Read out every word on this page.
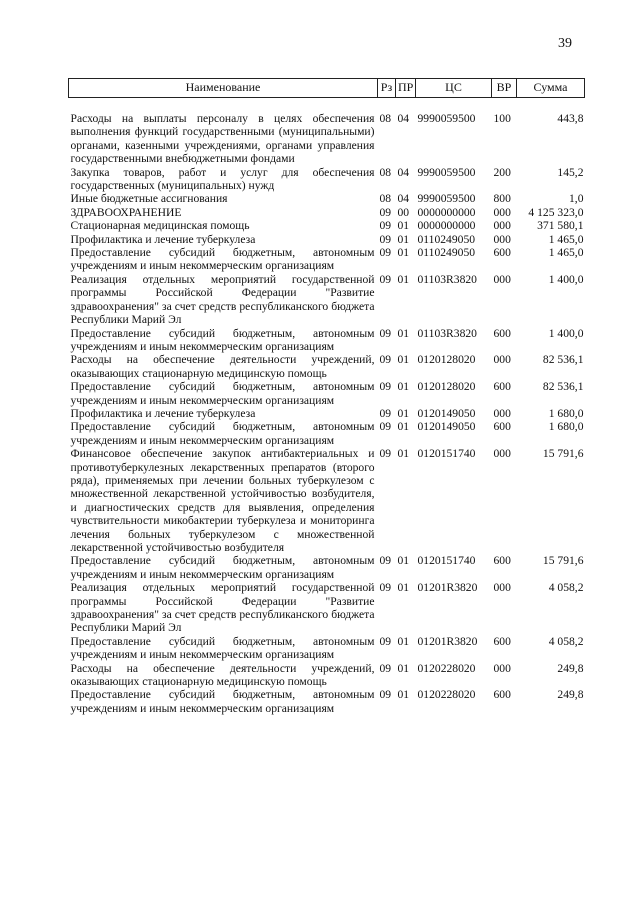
39
Наименование	Рз	ПР	ЦС	ВР	Сумма

Расходы на выплаты персоналу в целях обеспечения выполнения функций государственными (муниципальными) органами, казенными учреждениями, органами управления государственными внебюджетными фондами	08	04	9990059500	100	443,8
Закупка товаров, работ и услуг для обеспечения государственных (муниципальных) нужд	08	04	9990059500	200	145,2
Иные бюджетные ассигнования	08	04	9990059500	800	1,0
ЗДРАВООХРАНЕНИЕ	09	00	0000000000	000	4 125 323,0
Стационарная медицинская помощь	09	01	0000000000	000	371 580,1
Профилактика и лечение туберкулеза	09	01	0110249050	000	1 465,0
Предоставление субсидий бюджетным, автономным учреждениям и иным некоммерческим организациям	09	01	0110249050	600	1 465,0
Реализация отдельных мероприятий государственной программы Российской Федерации "Развитие здравоохранения" за счет средств республиканского бюджета Республики Марий Эл	09	01	01103R3820	000	1 400,0
Предоставление субсидий бюджетным, автономным учреждениям и иным некоммерческим организациям	09	01	01103R3820	600	1 400,0
Расходы на обеспечение деятельности учреждений, оказывающих стационарную медицинскую помощь	09	01	0120128020	000	82 536,1
Предоставление субсидий бюджетным, автономным учреждениям и иным некоммерческим организациям	09	01	0120128020	600	82 536,1
Профилактика и лечение туберкулеза	09	01	0120149050	000	1 680,0
Предоставление субсидий бюджетным, автономным учреждениям и иным некоммерческим организациям	09	01	0120149050	600	1 680,0
Финансовое обеспечение закупок антибактериальных и противотуберкулезных лекарственных препаратов (второго ряда), применяемых при лечении больных туберкулезом с множественной лекарственной устойчивостью возбудителя, и диагностических средств для выявления, определения чувствительности микобактерии туберкулеза и мониторинга лечения больных туберкулезом с множественной лекарственной устойчивостью возбудителя	09	01	0120151740	000	15 791,6
Предоставление субсидий бюджетным, автономным учреждениям и иным некоммерческим организациям	09	01	0120151740	600	15 791,6
Реализация отдельных мероприятий государственной программы Российской Федерации "Развитие здравоохранения" за счет средств республиканского бюджета Республики Марий Эл	09	01	01201R3820	000	4 058,2
Предоставление субсидий бюджетным, автономным учреждениям и иным некоммерческим организациям	09	01	01201R3820	600	4 058,2
Расходы на обеспечение деятельности учреждений, оказывающих стационарную медицинскую помощь	09	01	0120228020	000	249,8
Предоставление субсидий бюджетным, автономным учреждениям и иным некоммерческим организациям	09	01	0120228020	600	249,8
